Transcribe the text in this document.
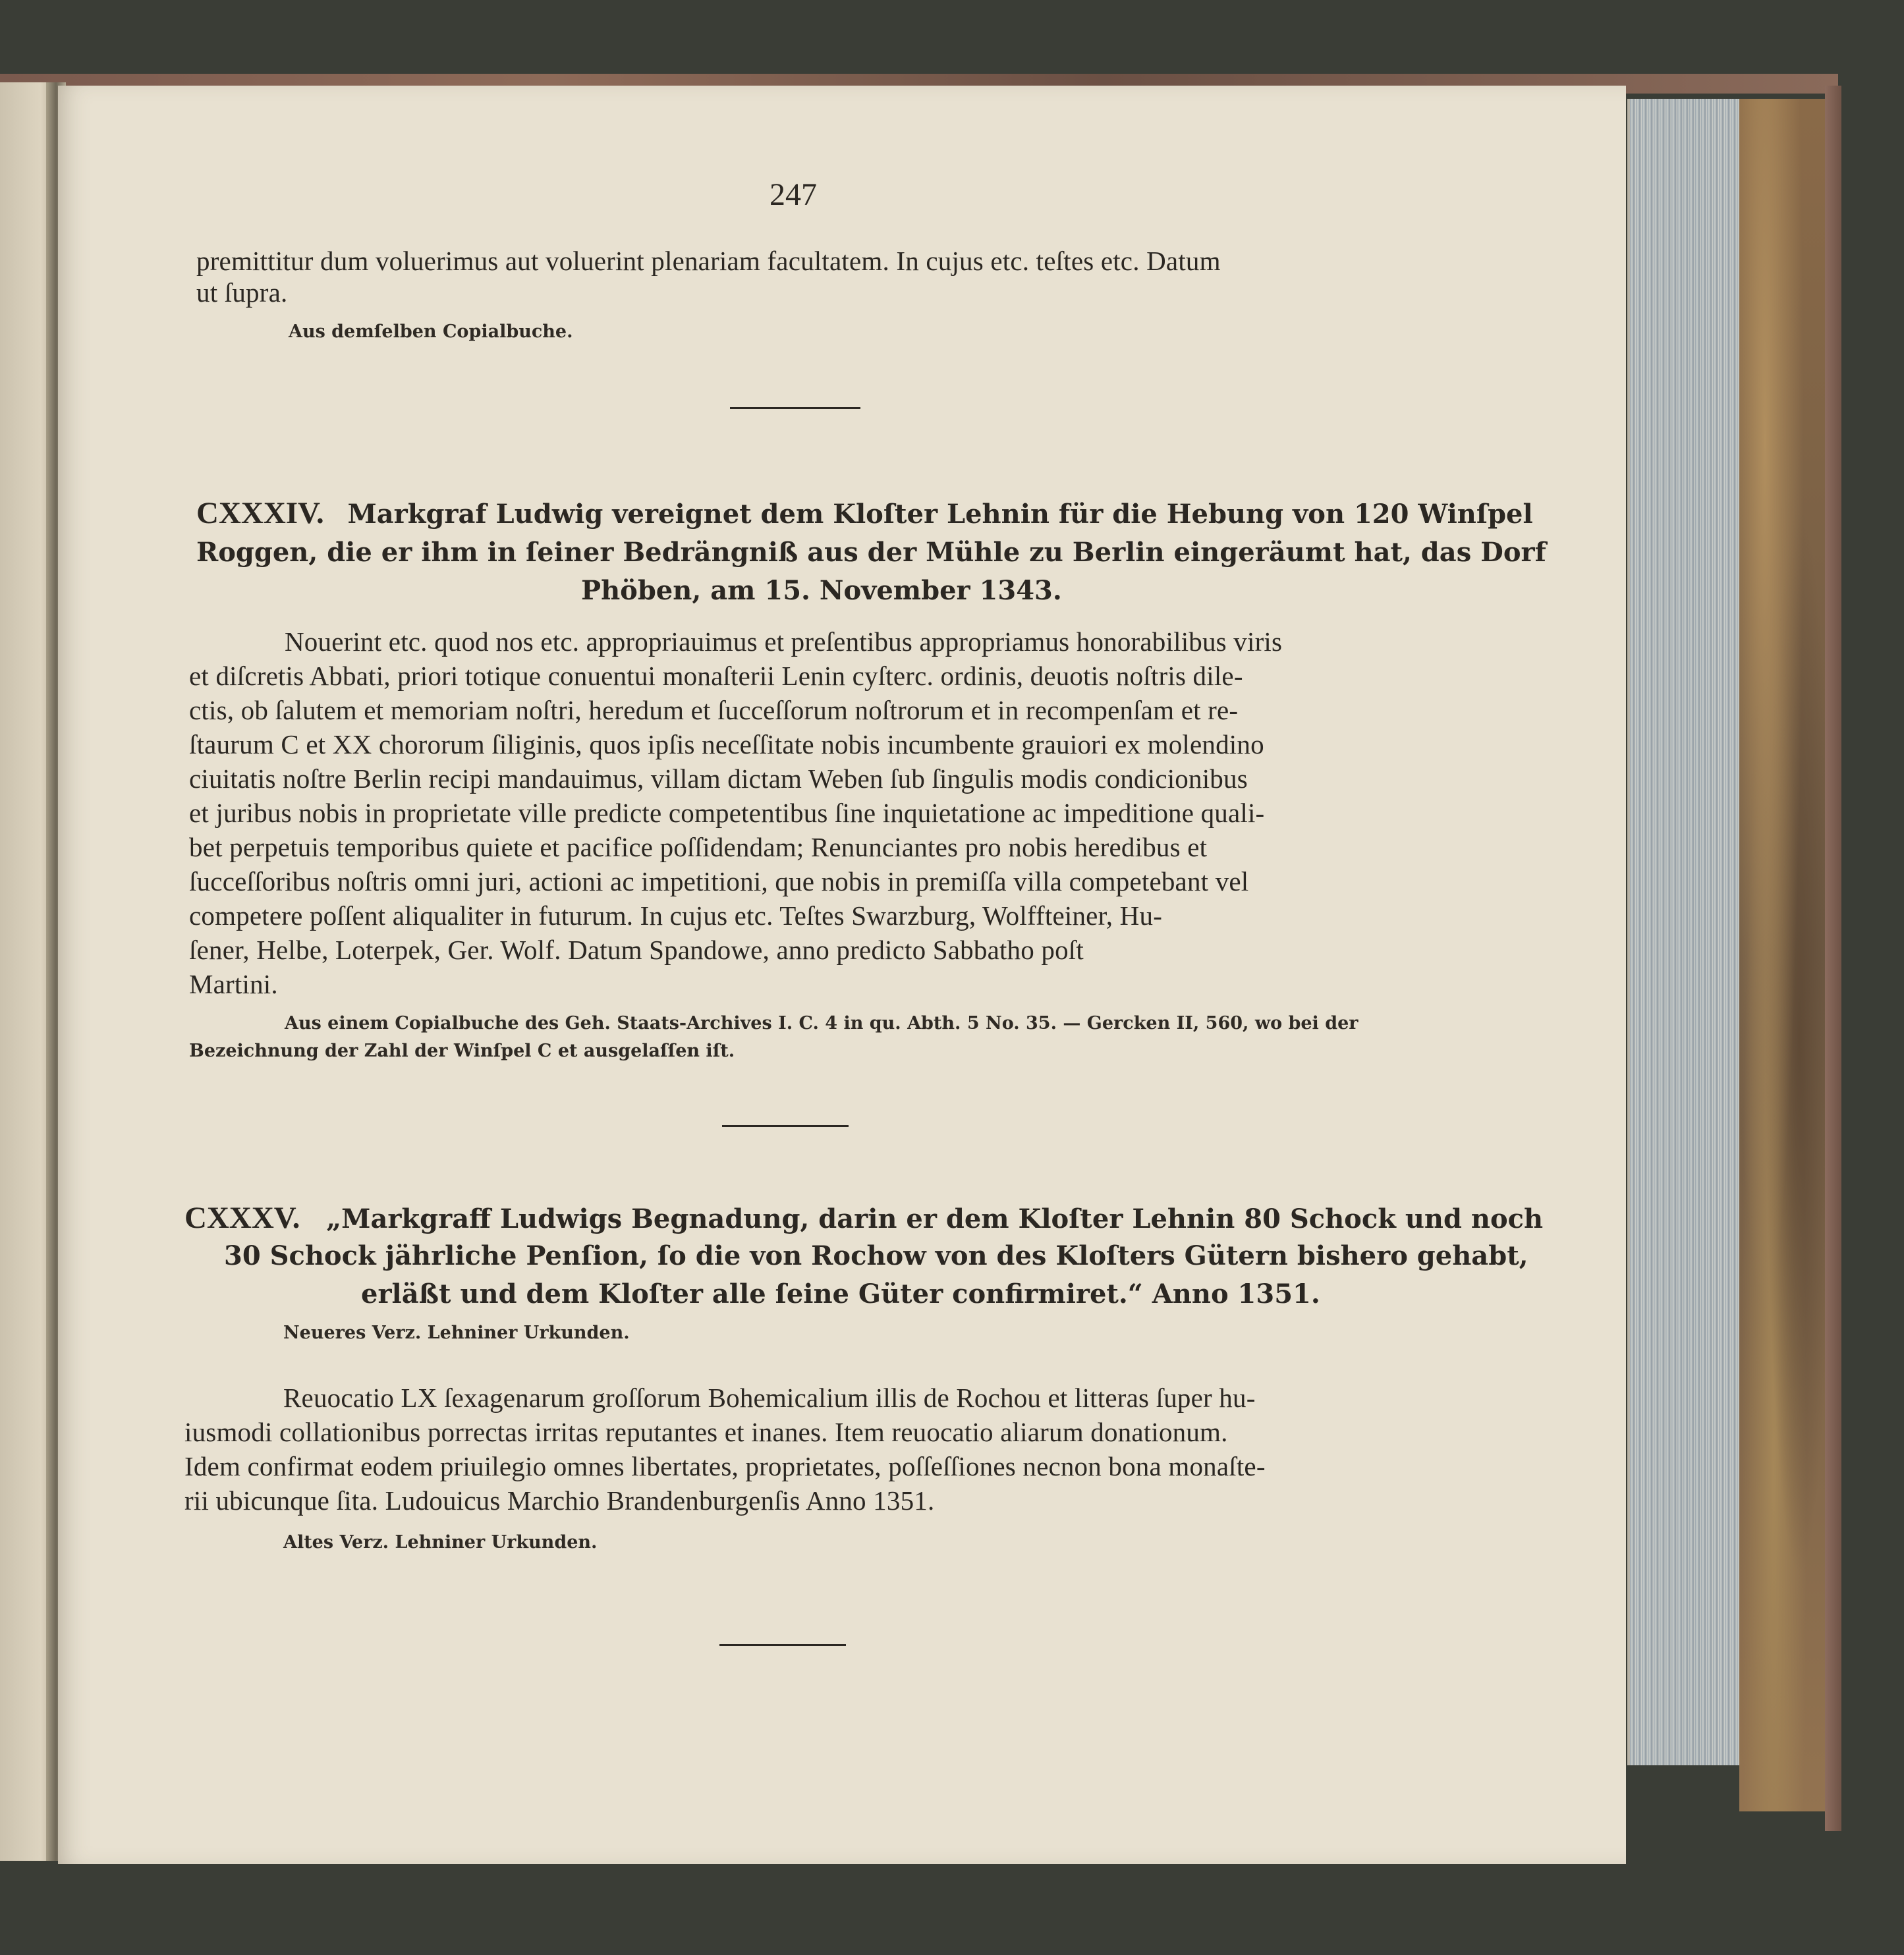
247
premittitur dum voluerimus aut voluerint plenariam facultatem. In cujus etc. teſtes etc. Datum
ut ſupra.
Aus demſelben Copialbuche.
CXXXIV. Markgraf Ludwig vereignet dem Kloſter Lehnin für die Hebung von 120 Winſpel
Roggen, die er ihm in ſeiner Bedrängniß aus der Mühle zu Berlin eingeräumt hat, das Dorf
Phöben, am 15. November 1343.
Nouerint etc. quod nos etc. appropriauimus et preſentibus appropriamus honorabilibus viris
et diſcretis Abbati, priori totique conuentui monaſterii Lenin cyſterc. ordinis, deuotis noſtris dile-
ctis, ob ſalutem et memoriam noſtri, heredum et ſucceſſorum noſtrorum et in recompenſam et re-
ſtaurum C et XX chororum ſiliginis, quos ipſis neceſſitate nobis incumbente grauiori ex molendino
ciuitatis noſtre Berlin recipi mandauimus, villam dictam Weben ſub ſingulis modis condicionibus
et juribus nobis in proprietate ville predicte competentibus ſine inquietatione ac impeditione quali-
bet perpetuis temporibus quiete et pacifice poſſidendam; Renunciantes pro nobis heredibus et
ſucceſſoribus noſtris omni juri, actioni ac impetitioni, que nobis in premiſſa villa competebant vel
competere poſſent aliqualiter in futurum. In cujus etc. Teſtes Swarzburg, Wolffteiner, Hu-
ſener, Helbe, Loterpek, Ger. Wolf. Datum Spandowe, anno predicto Sabbatho poſt
Martini.
Aus einem Copialbuche des Geh. Staats-Archives I. C. 4 in qu. Abth. 5 No. 35. — Gercken II, 560, wo bei der
Bezeichnung der Zahl der Winſpel C et ausgelaſſen iſt.
CXXXV. „Markgraff Ludwigs Begnadung, darin er dem Kloſter Lehnin 80 Schock und noch
30 Schock jährliche Penſion, ſo die von Rochow von des Kloſters Gütern bishero gehabt,
erläßt und dem Kloſter alle ſeine Güter confirmiret.“ Anno 1351.
Neueres Verz. Lehniner Urkunden.
Reuocatio LX ſexagenarum groſſorum Bohemicalium illis de Rochou et litteras ſuper hu-
iusmodi collationibus porrectas irritas reputantes et inanes. Item reuocatio aliarum donationum.
Idem confirmat eodem priuilegio omnes libertates, proprietates, poſſeſſiones necnon bona monaſte-
rii ubicunque ſita. Ludouicus Marchio Brandenburgenſis Anno 1351.
Altes Verz. Lehniner Urkunden.
